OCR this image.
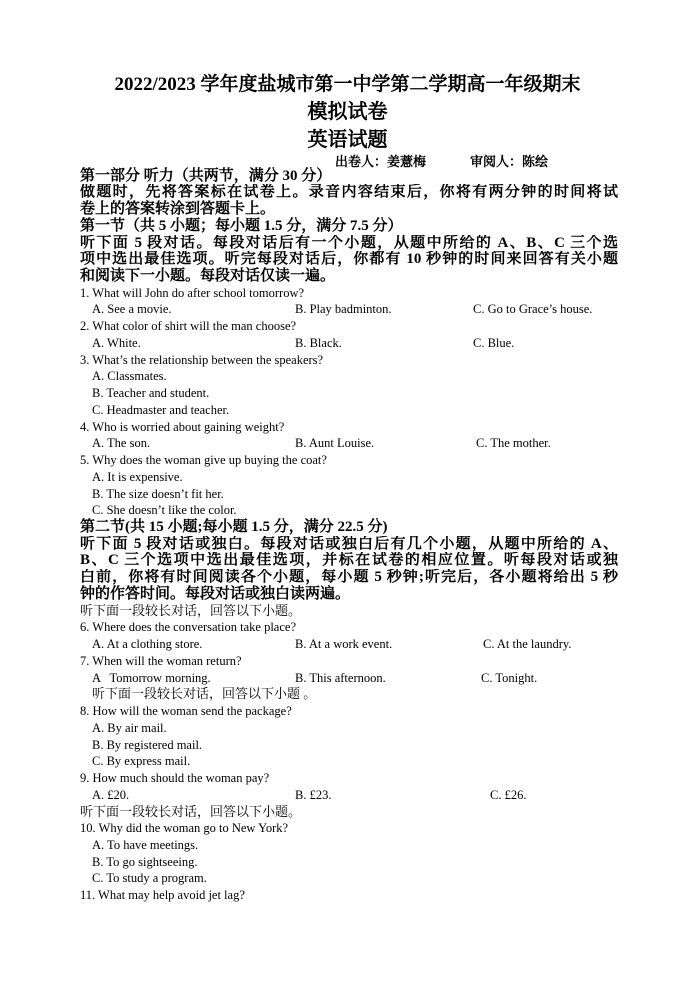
2022/2023 学年度盐城市第一中学第二学期高一年级期末
模拟试卷
英语试题
出卷人：姜薏梅	审阅人：陈绘
第一部分 听力（共两节，满分 30 分）
做题时，先将答案标在试卷上。录音内容结束后，你将有两分钟的时间将试
卷上的答案转涂到答题卡上。
第一节（共 5 小题；每小题 1.5 分，满分 7.5 分）
听下面 5 段对话。每段对话后有一个小题，从题中所给的 A、B、C 三个选
项中选出最佳选项。听完每段对话后，你都有 10 秒钟的时间来回答有关小题
和阅读下一小题。每段对话仅读一遍。
1. What will John do after school tomorrow?
A. See a movie.	B. Play badminton.	C. Go to Grace’s house.
2. What color of shirt will the man choose?
A. White.	B. Black.	C. Blue.
3. What’s the relationship between the speakers?
A. Classmates.
B. Teacher and student.
C. Headmaster and teacher.
4. Who is worried about gaining weight?
A. The son.	B. Aunt Louise.	C. The mother.
5. Why does the woman give up buying the coat?
A. It is expensive.
B. The size doesn’t fit her.
C. She doesn’t like the color.
第二节(共 15 小题;每小题 1.5 分，满分 22.5 分)
听下面 5 段对话或独白。每段对话或独白后有几个小题，从题中所给的 A、
B、C 三个选项中选出最佳选项，并标在试卷的相应位置。听每段对话或独
白前，你将有时间阅读各个小题，每小题 5 秒钟;听完后，各小题将给出 5 秒
钟的作答时间。每段对话或独白读两遍。
听下面一段较长对话，回答以下小题。
6. Where does the conversation take place?
A. At a clothing store.	B. At a work event.	C. At the laundry.
7. When will the woman return?
A   Tomorrow morning.	B. This afternoon.	C. Tonight.
听下面一段较长对话，回答以下小题 。
8. How will the woman send the package?
A. By air mail.
B. By registered mail.
C. By express mail.
9. How much should the woman pay?
A. £20.	B. £23.	C. £26.
听下面一段较长对话，回答以下小题。
10. Why did the woman go to New York?
A. To have meetings.
B. To go sightseeing.
C. To study a program.
11. What may help avoid jet lag?
